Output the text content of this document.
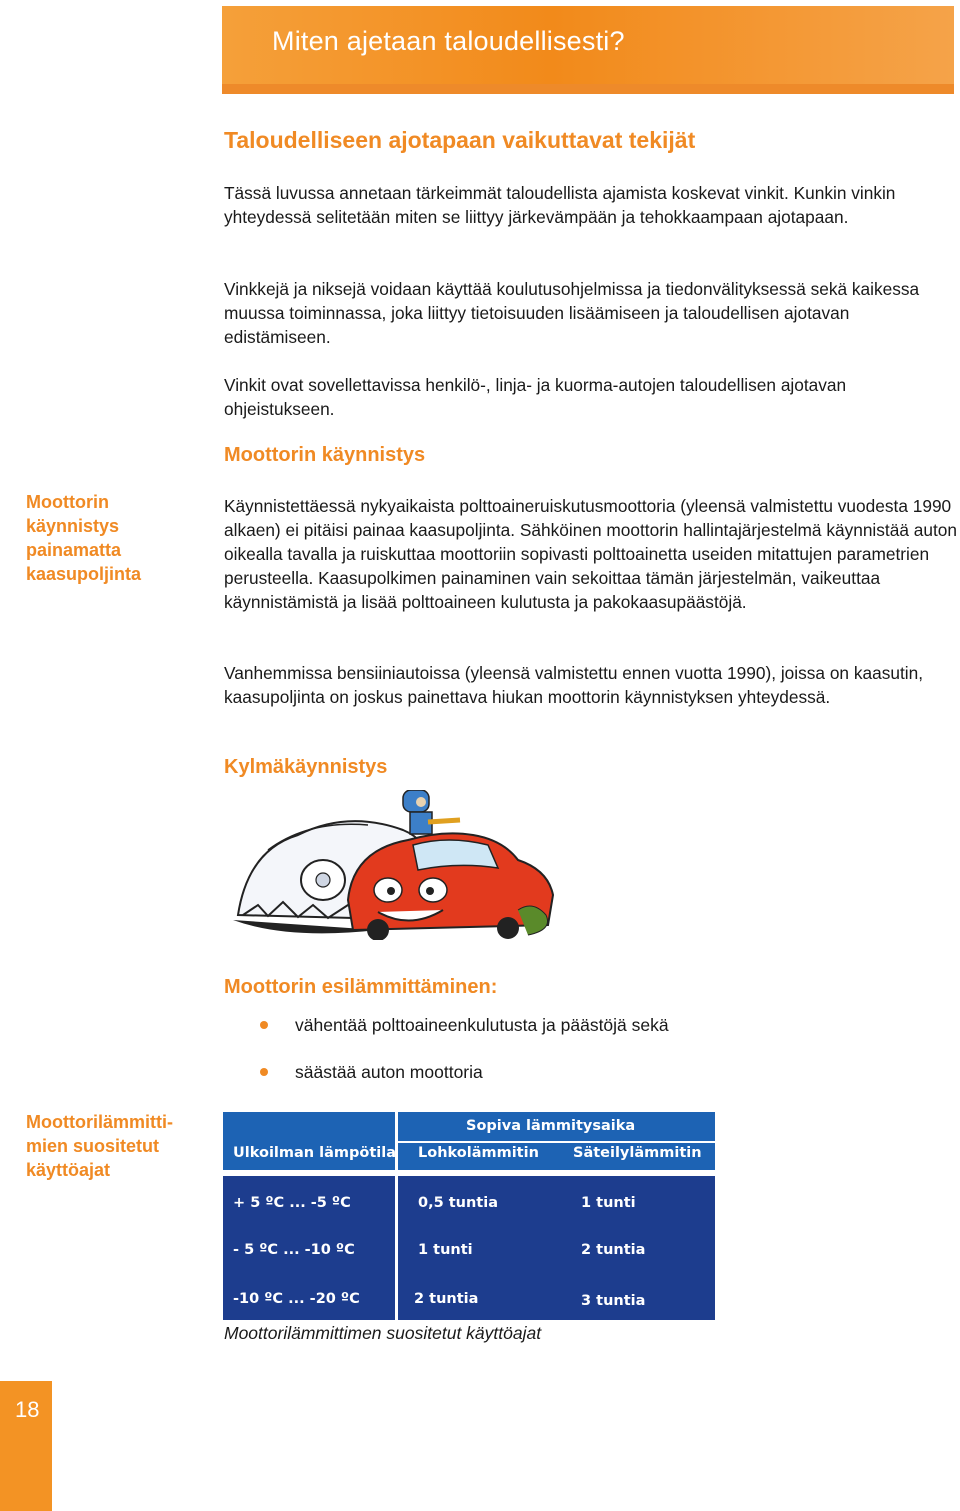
Miten ajetaan taloudellisesti?
Taloudelliseen ajotapaan vaikuttavat tekijät

Tässä luvussa annetaan tärkeimmät taloudellista ajamista koskevat vinkit. Kunkin vinkin yhteydessä selitetään miten se liittyy järkevämpään ja tehokkaampaan ajotapaan.

Vinkkejä ja niksejä voidaan käyttää koulutusohjelmissa ja tiedonvälityksessä sekä kaikessa muussa toiminnassa, joka liittyy tietoisuuden lisäämiseen ja taloudellisen ajotavan edistämiseen.

Vinkit ovat sovellettavissa henkilö-, linja- ja kuorma-autojen taloudellisen ajotavan ohjeistukseen.

Moottorin käynnistys
Moottorin käynnistys painamatta kaasupoljinta

Käynnistettäessä nykyaikaista polttoaineruiskutusmoottoria (yleensä valmistettu vuodesta 1990 alkaen) ei pitäisi painaa kaasupoljinta. Sähköinen moottorin hallintajärjestelmä käynnistää auton oikealla tavalla ja ruiskuttaa moottoriin sopivasti polttoainetta useiden mitattujen parametrien perusteella. Kaasupolkimen painaminen vain sekoittaa tämän järjestelmän, vaikeuttaa käynnistämistä ja lisää polttoaineen kulutusta ja pakokaasupäästöjä.

Vanhemmissa bensiiniautoissa (yleensä valmistettu ennen vuotta 1990), joissa on kaasutin, kaasupoljinta on joskus painettava hiukan moottorin käynnistyksen yhteydessä.

Kylmäkäynnistys
Moottorin esilämmittäminen:
vähentää polttoaineenkulutusta ja päästöjä sekä
säästää auton moottoria
Moottorilämmitti-mien suositetut käyttöajat
Sopiva lämmitysaika
Ulkoilman lämpötila Lohkolämmitin Säteilylämmitin
+ 5 ºC ... -5 ºC	0,5 tuntia	1 tunti
- 5 ºC ... -10 ºC	1 tunti	2 tuntia
-10 ºC ... -20 ºC	2 tuntia	3 tuntia
Moottorilämmittimen suositetut käyttöajat
18
